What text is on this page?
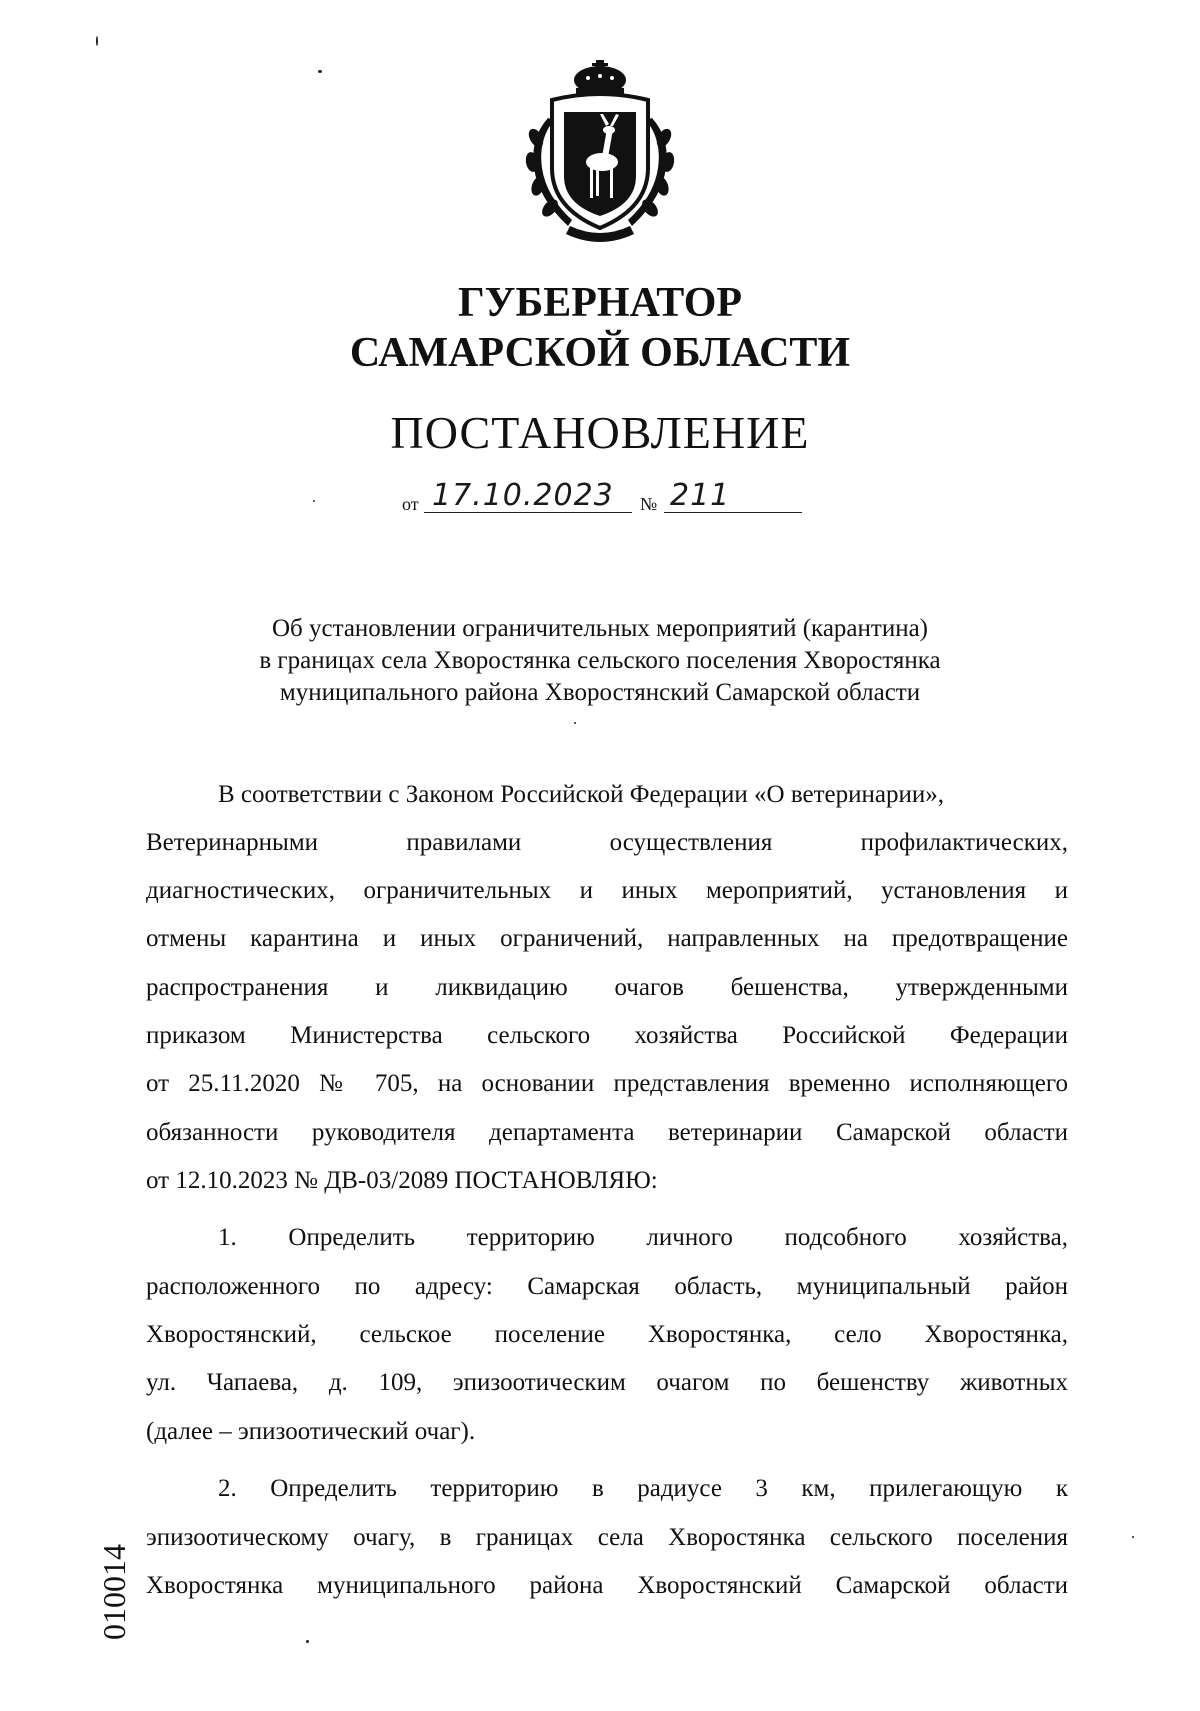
ГУБЕРНАТОР
САМАРСКОЙ ОБЛАСТИ
ПОСТАНОВЛЕНИЕ
от 17.10.2023 № 211
Об установлении ограничительных мероприятий (карантина)
в границах села Хворостянка сельского поселения Хворостянка
муниципального района Хворостянский Самарской области
В соответствии с Законом Российской Федерации «О ветеринарии»,
Ветеринарными правилами осуществления профилактических,
диагностических, ограничительных и иных мероприятий, установления и
отмены карантина и иных ограничений, направленных на предотвращение
распространения и ликвидацию очагов бешенства, утвержденными
приказом Министерства сельского хозяйства Российской Федерации
от 25.11.2020 № 705, на основании представления временно исполняющего
обязанности руководителя департамента ветеринарии Самарской области
от 12.10.2023 № ДВ-03/2089 ПОСТАНОВЛЯЮ:
1. Определить территорию личного подсобного хозяйства,
расположенного по адресу: Самарская область, муниципальный район
Хворостянский, сельское поселение Хворостянка, село Хворостянка,
ул. Чапаева, д. 109, эпизоотическим очагом по бешенству животных
(далее – эпизоотический очаг).
2. Определить территорию в радиусе 3 км, прилегающую к
эпизоотическому очагу, в границах села Хворостянка сельского поселения
Хворостянка муниципального района Хворостянский Самарской области
010014
